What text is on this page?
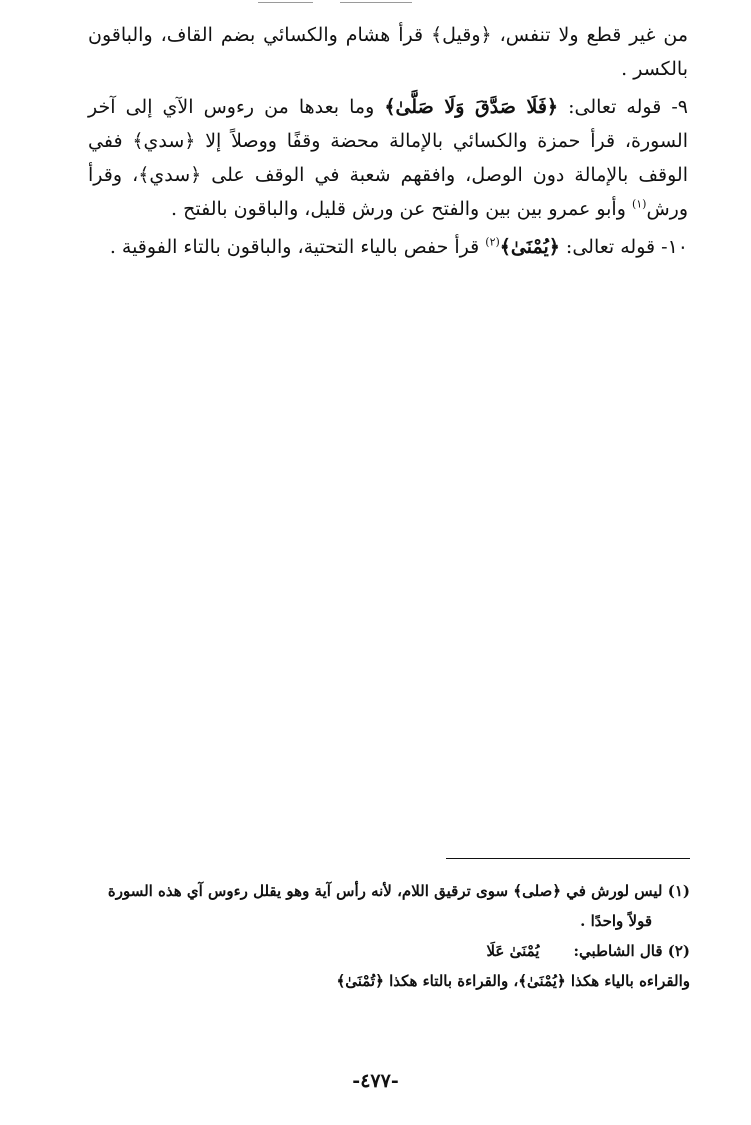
من غير قطع ولا تنفس، ﴿وقيل﴾ قرأ هشام والكسائي بضم القاف، والباقون بالكسر .

٩- قوله تعالى: ﴿فَلَا صَدَّقَ وَلَا صَلَّىٰ﴾ وما بعدها من رءوس الآي إلى آخر السورة، قرأ حمزة والكسائي بالإمالة محضة وقفًا ووصلاً إلا ﴿سدي﴾ ففي الوقف بالإمالة دون الوصل، وافقهم شعبة في الوقف على ﴿سدي﴾، وقرأ ورش$^{(١)}$ وأبو عمرو بين بين والفتح عن ورش قليل، والباقون بالفتح .

١٠- قوله تعالى: ﴿يُمْنَىٰ﴾$^{(٢)}$ قرأ حفص بالياء التحتية، والباقون بالتاء الفوقية .

(١) ليس لورش في ﴿صلى﴾ سوى ترقيق اللام، لأنه رأس آية وهو يقلل رءوس آي هذه السورة

قولاً واحدًا .

(٢) قال الشاطبي:يُمْنَىٰ عَلَا

والقراءه بالياء هكذا ﴿يُمْنَىٰ﴾، والقراءة بالتاء هكذا ﴿تُمْنَىٰ﴾

-٤٧٧-
